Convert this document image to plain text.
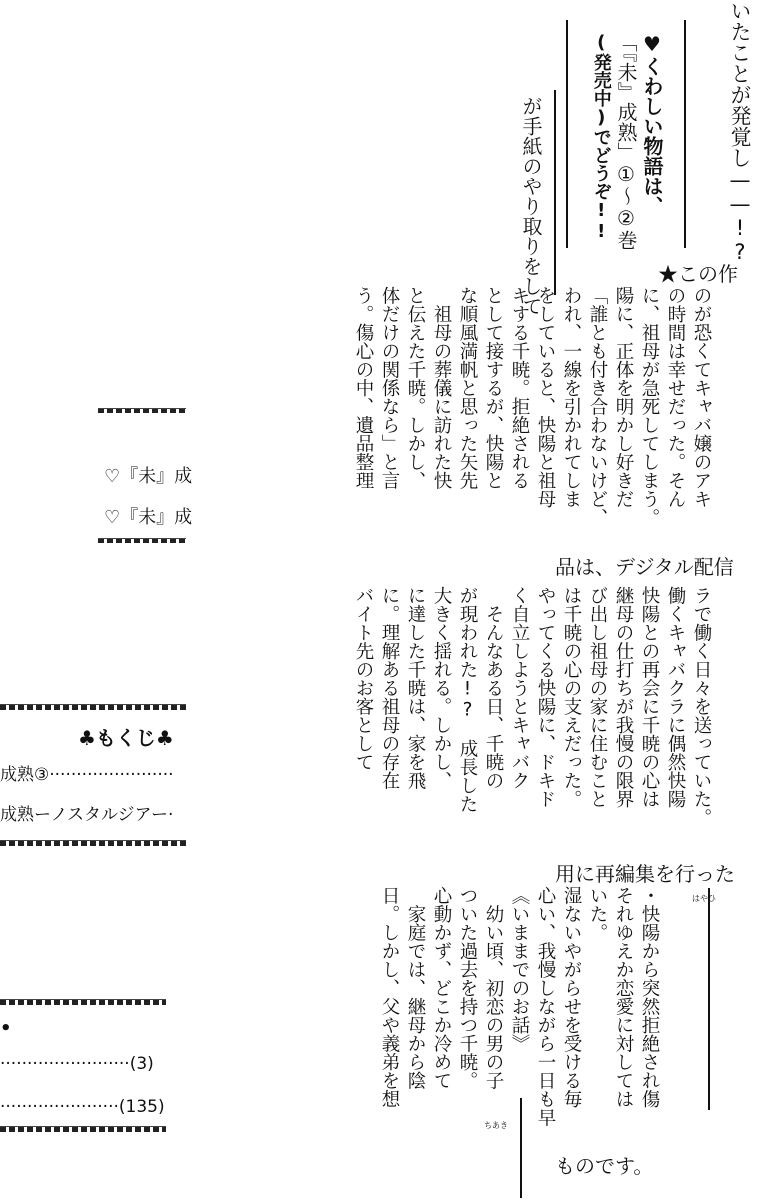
いたことが発覚し——!?
♥くわしい物語は、
「『未』成熟」①〜②巻
(発売中)でどうぞ!!
が手紙のやり取りをして	★この作
品は、デジタル配信
用に再編集を行った
ものです。

のが恐くてキャバ嬢のアキ
の時間は幸せだった。そん
に、祖母が急死してしまう。
陽に、正体を明かし好きだ
「誰とも付き合わないけど、
われ、一線を引かれてしま
をしていると、快陽と祖母
キする千暁。拒絶される
として接するが、快陽と
な順風満帆と思った矢先
　祖母の葬儀に訪れた快
と伝えた千暁。しかし、
体だけの関係なら」と言
う。傷心の中、遺品整理

ラで働く日々を送っていた。
働くキャバクラに偶然快陽
快陽との再会に千暁の心は
継母の仕打ちが我慢の限界
び出し祖母の家に住むこと
は千暁の心の支えだった。
やってくる快陽に、ドキド
く自立しようとキャバク
　そんなある日、千暁の
が現われた!?　成長した
大きく揺れる。しかし、
に達した千暁は、家を飛
に。理解ある祖母の存在
バイト先のお客として

・快陽から突然拒絶され傷
それゆえか恋愛に対しては
いた。
湿ないやがらせを受ける毎
心い、我慢しながら一日も早
《いままでのお話》
　幼い頃、初恋の男の子
ついた過去を持つ千暁。
心動かず、どこか冷めて
　家庭では、継母から陰
日。しかし、父や義弟を想	はやひ
ちあき
♡『未』成
♡『未』成
♣もくじ♣
成熟③·······················
成熟ーノスタルジアー·
•
························(3)
······················(135)
